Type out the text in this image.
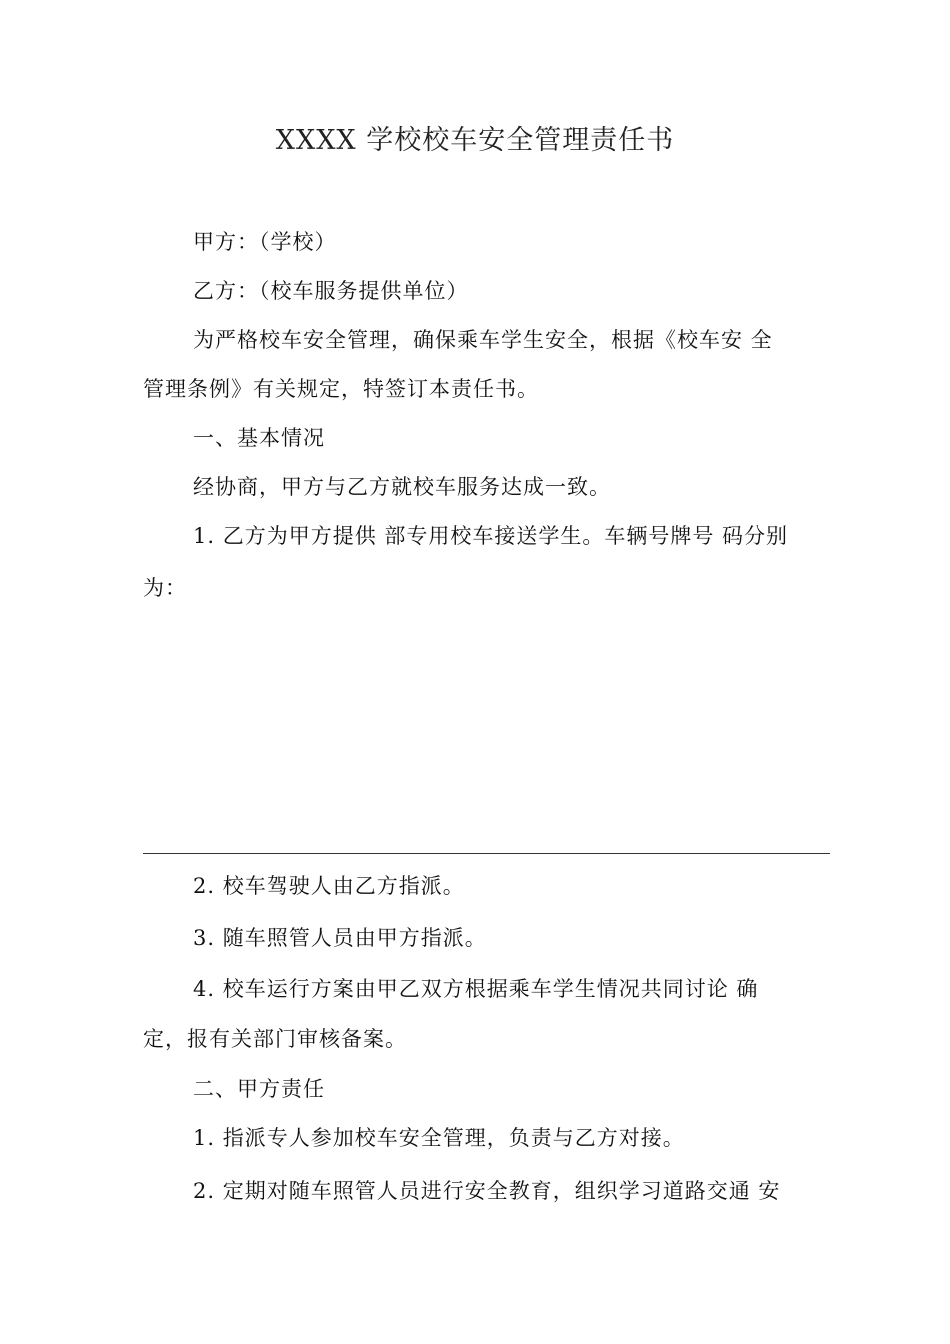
XXXX 学校校车安全管理责任书
甲方：（学校）
乙方：（校车服务提供单位）
为严格校车安全管理，确保乘车学生安全，根据《校车安 全
管理条例》有关规定，特签订本责任书。
一、基本情况
经协商，甲方与乙方就校车服务达成一致。
1. 乙方为甲方提供 部专用校车接送学生。车辆号牌号 码分别
为：
2. 校车驾驶人由乙方指派。
3. 随车照管人员由甲方指派。
4. 校车运行方案由甲乙双方根据乘车学生情况共同讨论 确
定，报有关部门审核备案。
二、甲方责任
1. 指派专人参加校车安全管理，负责与乙方对接。
2. 定期对随车照管人员进行安全教育，组织学习道路交通 安
